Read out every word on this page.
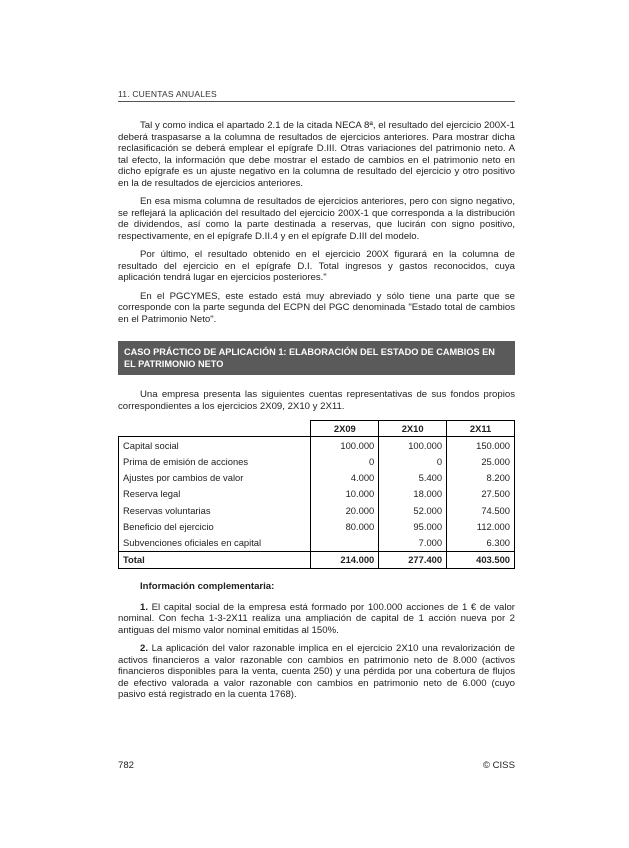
11. CUENTAS ANUALES

Tal y como indica el apartado 2.1 de la citada NECA 8ª, el resultado del ejercicio 200X-1 deberá traspasarse a la columna de resultados de ejercicios anteriores. Para mostrar dicha reclasificación se deberá emplear el epígrafe D.III. Otras variaciones del patrimonio neto. A tal efecto, la información que debe mostrar el estado de cambios en el patrimonio neto en dicho epígrafe es un ajuste negativo en la columna de resultado del ejercicio y otro positivo en la de resultados de ejercicios anteriores.

En esa misma columna de resultados de ejercicios anteriores, pero con signo negativo, se reflejará la aplicación del resultado del ejercicio 200X-1 que corresponda a la distribución de dividendos, así como la parte destinada a reservas, que lucirán con signo positivo, respectivamente, en el epígrafe D.II.4 y en el epígrafe D.III del modelo.

Por último, el resultado obtenido en el ejercicio 200X figurará en la columna de resultado del ejercicio en el epígrafe D.I. Total ingresos y gastos reconocidos, cuya aplicación tendrá lugar en ejercicios posteriores."

En el PGCYMES, este estado está muy abreviado y sólo tiene una parte que se corresponde con la parte segunda del ECPN del PGC denominada "Estado total de cambios en el Patrimonio Neto".

CASO PRÁCTICO DE APLICACIÓN 1: ELABORACIÓN DEL ESTADO DE CAMBIOS EN EL PATRIMONIO NETO

Una empresa presenta las siguientes cuentas representativas de sus fondos propios correspondientes a los ejercicios 2X09, 2X10 y 2X11.

	2X09	2X10	2X11
Capital social	100.000	100.000	150.000
Prima de emisión de acciones	0	0	25.000
Ajustes por cambios de valor	4.000	5.400	8.200
Reserva legal	10.000	18.000	27.500
Reservas voluntarias	20.000	52.000	74.500
Beneficio del ejercicio	80.000	95.000	112.000
Subvenciones oficiales en capital		7.000	6.300
Total	214.000	277.400	403.500
Información complementaria:

1. El capital social de la empresa está formado por 100.000 acciones de 1 € de valor nominal. Con fecha 1-3-2X11 realiza una ampliación de capital de 1 acción nueva por 2 antiguas del mismo valor nominal emitidas al 150%.

2. La aplicación del valor razonable implica en el ejercicio 2X10 una revalorización de activos financieros a valor razonable con cambios en patrimonio neto de 8.000 (activos financieros disponibles para la venta, cuenta 250) y una pérdida por una cobertura de flujos de efectivo valorada a valor razonable con cambios en patrimonio neto de 6.000 (cuyo pasivo está registrado en la cuenta 1768).

782	© CISS
